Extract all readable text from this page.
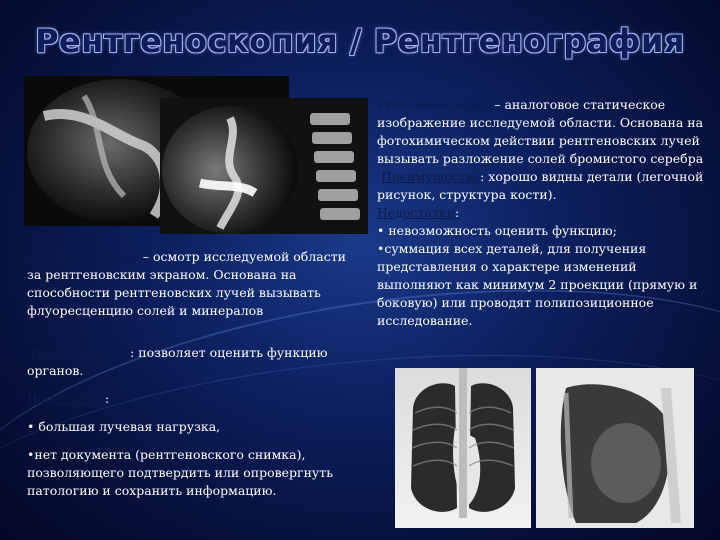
Рентгеноскопия / Рентгенография
Рентгеноскопия – осмотр исследуемой области за рентгеновским экраном. Основана на способности рентгеновских лучей вызывать флуоресценцию солей и минералов
Преимущества: позволяет оценить функцию органов.
Недостатки:
• большая лучевая нагрузка,
•нет документа (рентгеновского снимка), позволяющего подтвердить или опровергнуть патологию и сохранить информацию.
Рентгенография – аналоговое статическое изображение исследуемой области. Основана на фотохимическом действии рентгеновских лучей вызывать разложение солей бромистого серебра
Преимущества: хорошо видны детали (легочной рисунок, структура кости).
Недостатки:
• невозможность оценить функцию;
•суммация всех деталей, для получения представления о характере изменений выполняют как минимум 2 проекции (прямую и боковую) или проводят полипозиционное исследование.
